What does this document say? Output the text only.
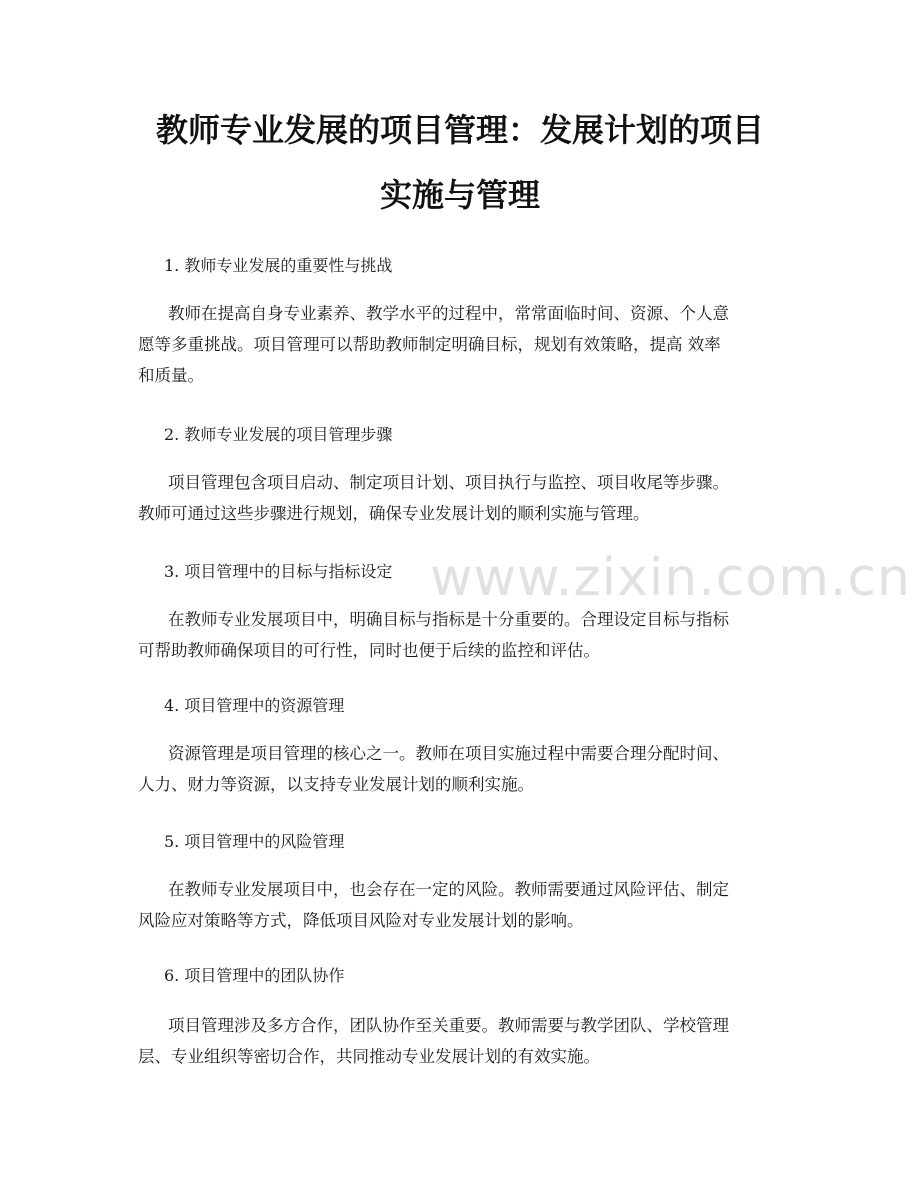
教师专业发展的项目管理：发展计划的项目
实施与管理
www.zixin.com.cn
1. 教师专业发展的重要性与挑战
教师在提高自身专业素养、教学水平的过程中，常常面临时间、资源、个人意
愿等多重挑战。项目管理可以帮助教师制定明确目标，规划有效策略，提高 效率
和质量。
2. 教师专业发展的项目管理步骤
项目管理包含项目启动、制定项目计划、项目执行与监控、项目收尾等步骤。
教师可通过这些步骤进行规划，确保专业发展计划的顺利实施与管理。
3. 项目管理中的目标与指标设定
在教师专业发展项目中，明确目标与指标是十分重要的。合理设定目标与指标
可帮助教师确保项目的可行性，同时也便于后续的监控和评估。
4. 项目管理中的资源管理
资源管理是项目管理的核心之一。教师在项目实施过程中需要合理分配时间、
人力、财力等资源，以支持专业发展计划的顺利实施。
5. 项目管理中的风险管理
在教师专业发展项目中，也会存在一定的风险。教师需要通过风险评估、制定
风险应对策略等方式，降低项目风险对专业发展计划的影响。
6. 项目管理中的团队协作
项目管理涉及多方合作，团队协作至关重要。教师需要与教学团队、学校管理
层、专业组织等密切合作，共同推动专业发展计划的有效实施。
